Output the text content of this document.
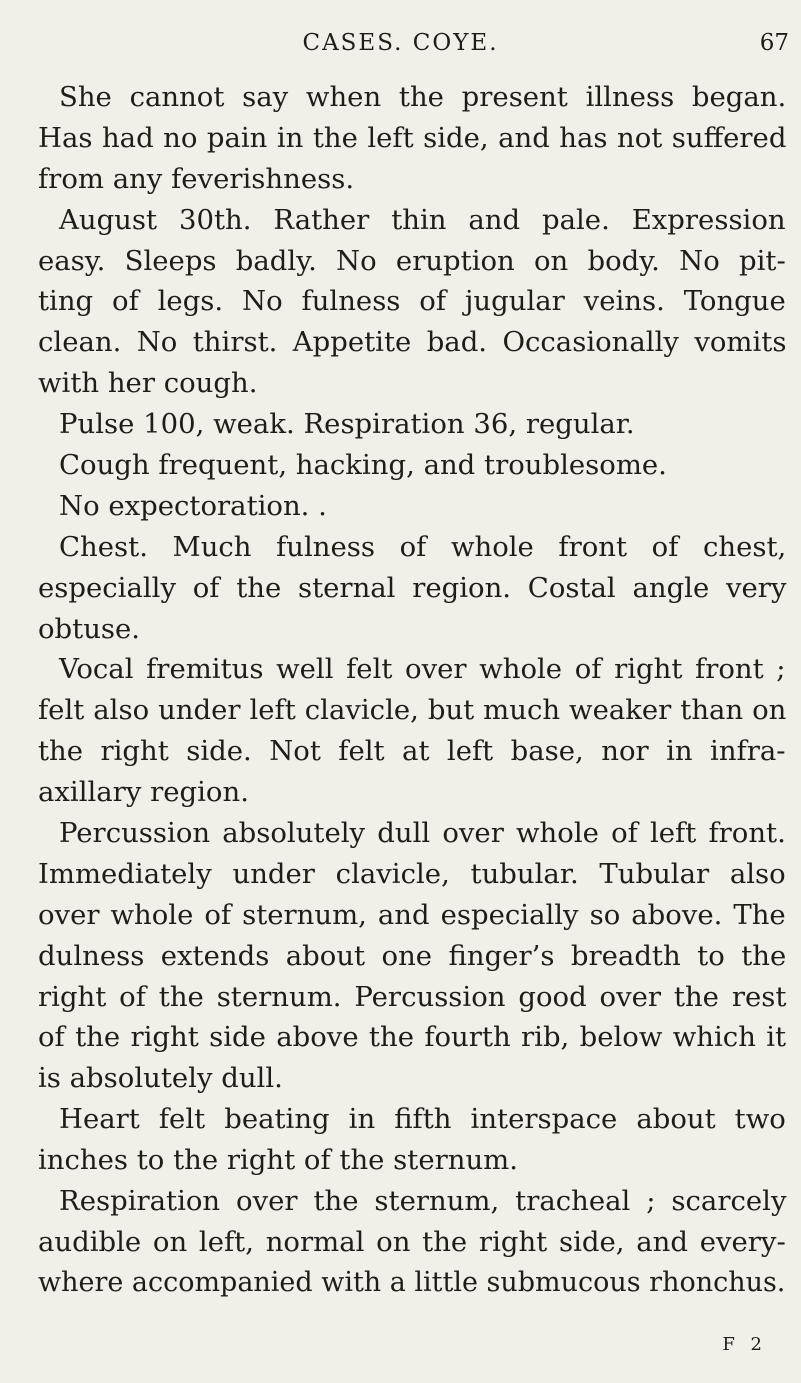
CASES. COYE.	67
She cannot say when the present illness began.
Has had no pain in the left side, and has not suffered
from any feverishness.
August 30th. Rather thin and pale. Expression
easy. Sleeps badly. No eruption on body. No pit-
ting of legs. No fulness of jugular veins. Tongue
clean. No thirst. Appetite bad. Occasionally vomits
with her cough.
Pulse 100, weak. Respiration 36, regular.
Cough frequent, hacking, and troublesome.
No expectoration. .
Chest. Much fulness of whole front of chest,
especially of the sternal region. Costal angle very
obtuse.
Vocal fremitus well felt over whole of right front ;
felt also under left clavicle, but much weaker than on
the right side. Not felt at left base, nor in infra-
axillary region.
Percussion absolutely dull over whole of left front.
Immediately under clavicle, tubular. Tubular also
over whole of sternum, and especially so above. The
dulness extends about one finger’s breadth to the
right of the sternum. Percussion good over the rest
of the right side above the fourth rib, below which it
is absolutely dull.
Heart felt beating in fifth interspace about two
inches to the right of the sternum.
Respiration over the sternum, tracheal ; scarcely
audible on left, normal on the right side, and every-
where accompanied with a little submucous rhonchus.
F 2
